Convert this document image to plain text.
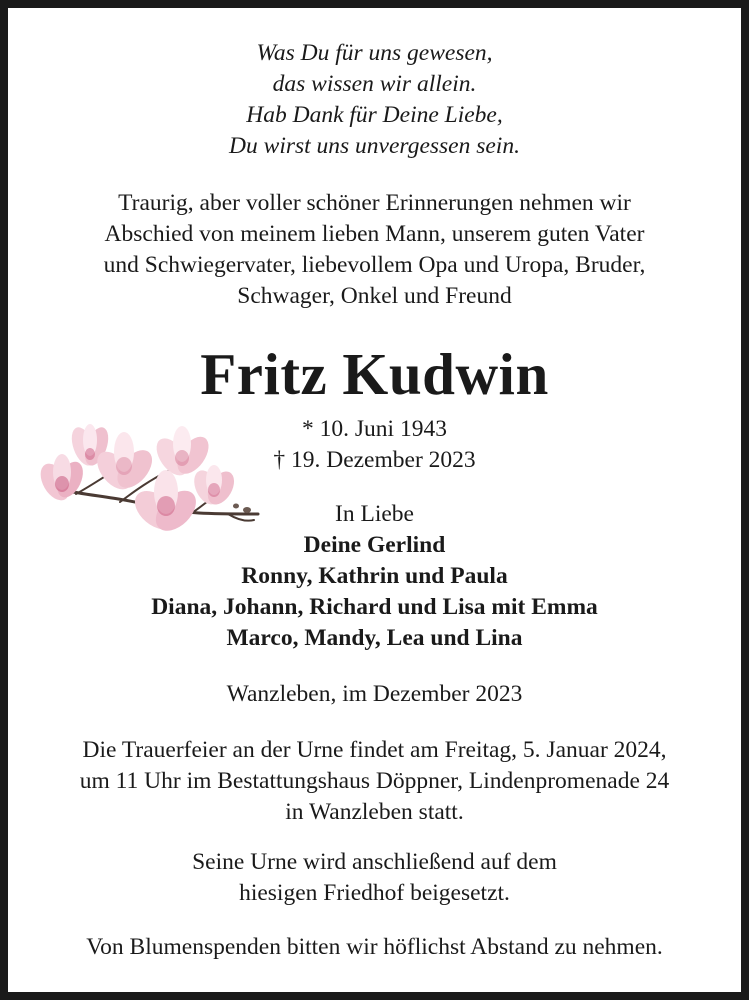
Was Du für uns gewesen,
das wissen wir allein.
Hab Dank für Deine Liebe,
Du wirst uns unvergessen sein.
Traurig, aber voller schöner Erinnerungen nehmen wir
Abschied von meinem lieben Mann, unserem guten Vater
und Schwiegervater, liebevollem Opa und Uropa, Bruder,
Schwager, Onkel und Freund
Fritz Kudwin
* 10. Juni 1943
† 19. Dezember 2023
In Liebe
Deine Gerlind
Ronny, Kathrin und Paula
Diana, Johann, Richard und Lisa mit Emma
Marco, Mandy, Lea und Lina
Wanzleben, im Dezember 2023
Die Trauerfeier an der Urne findet am Freitag, 5. Januar 2024,
um 11 Uhr im Bestattungshaus Döppner, Lindenpromenade 24
in Wanzleben statt.
Seine Urne wird anschließend auf dem
hiesigen Friedhof beigesetzt.
Von Blumenspenden bitten wir höflichst Abstand zu nehmen.
